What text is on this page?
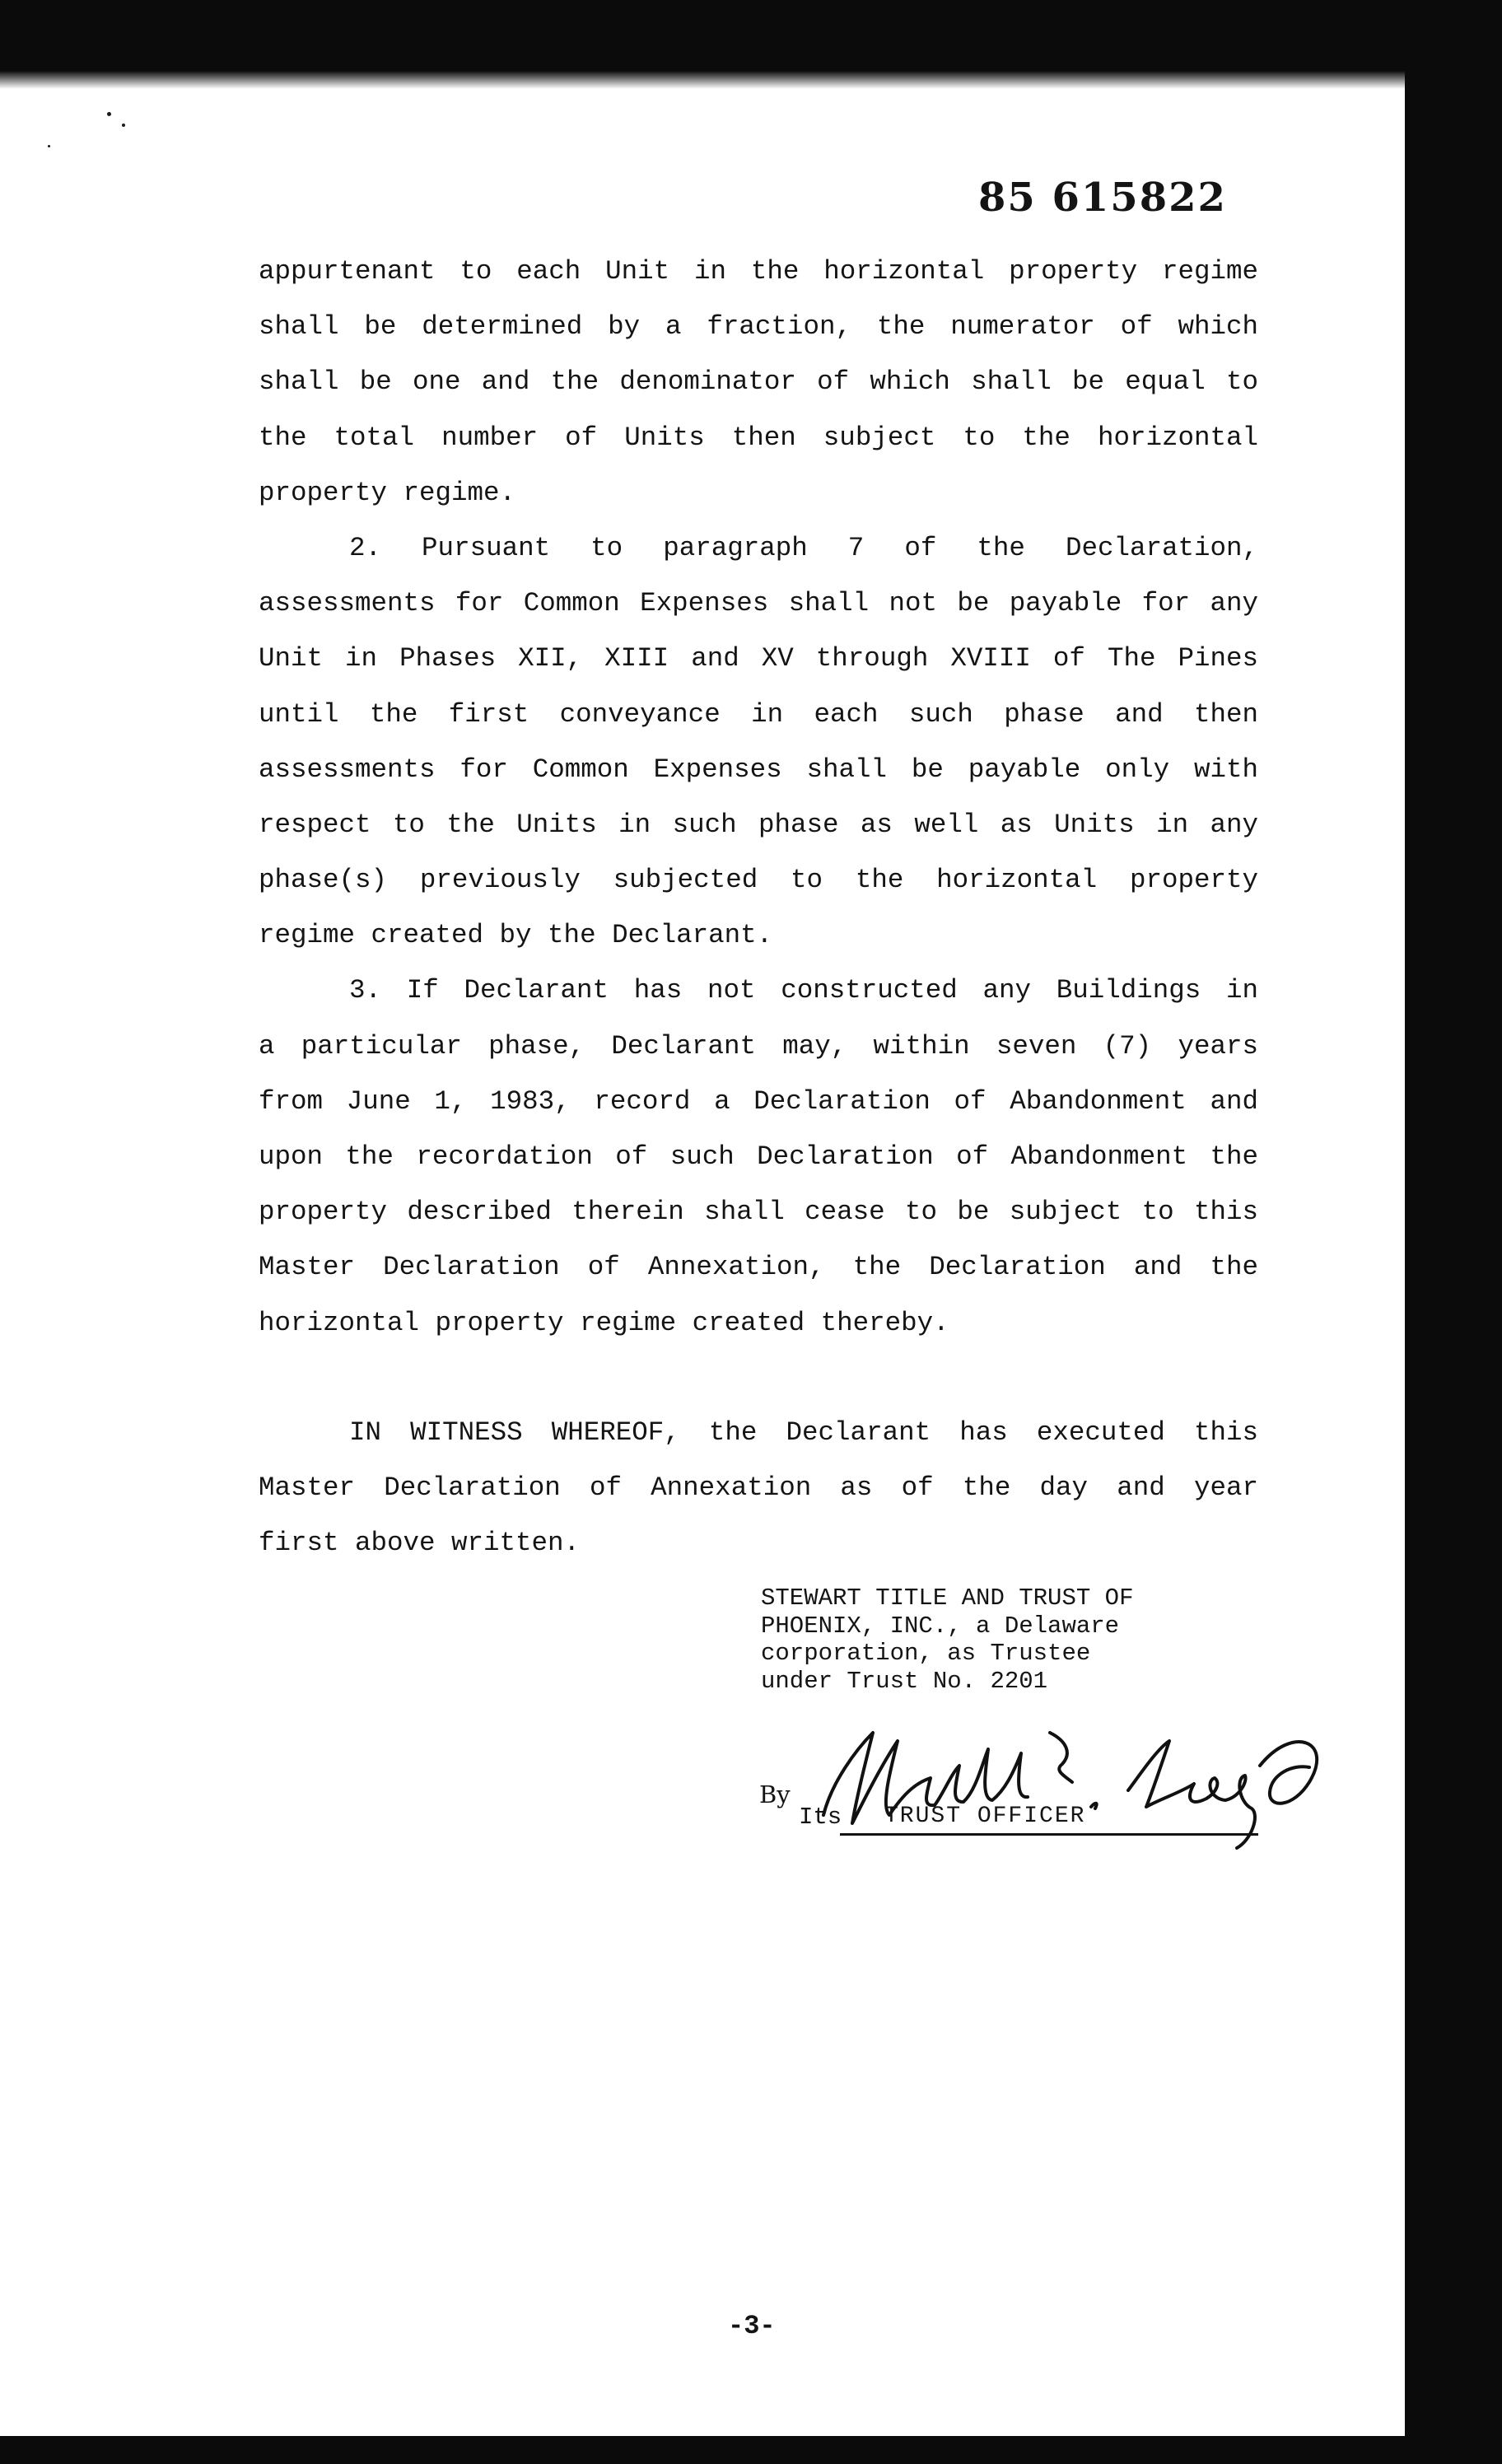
85 615822
appurtenant to each Unit in the horizontal property regime
shall be determined by a fraction, the numerator of which
shall be one and the denominator of which shall be equal to
the total number of Units then subject to the horizontal
property regime.
2. Pursuant to paragraph 7 of the Declaration,
assessments for Common Expenses shall not be payable for any
Unit in Phases XII, XIII and XV through XVIII of The Pines
until the first conveyance in each such phase and then
assessments for Common Expenses shall be payable only with
respect to the Units in such phase as well as Units in any
phase(s) previously subjected to the horizontal property
regime created by the Declarant.
3. If Declarant has not constructed any Buildings in
a particular phase, Declarant may, within seven (7) years
from June 1, 1983, record a Declaration of Abandonment and
upon the recordation of such Declaration of Abandonment the
property described therein shall cease to be subject to this
Master Declaration of Annexation, the Declaration and the
horizontal property regime created thereby.
IN WITNESS WHEREOF, the Declarant has executed this
Master Declaration of Annexation as of the day and year
first above written.
STEWART TITLE AND TRUST OF
PHOENIX, INC., a Delaware
corporation, as Trustee
under Trust No. 2201
By
Its TRUST OFFICER
-3-
